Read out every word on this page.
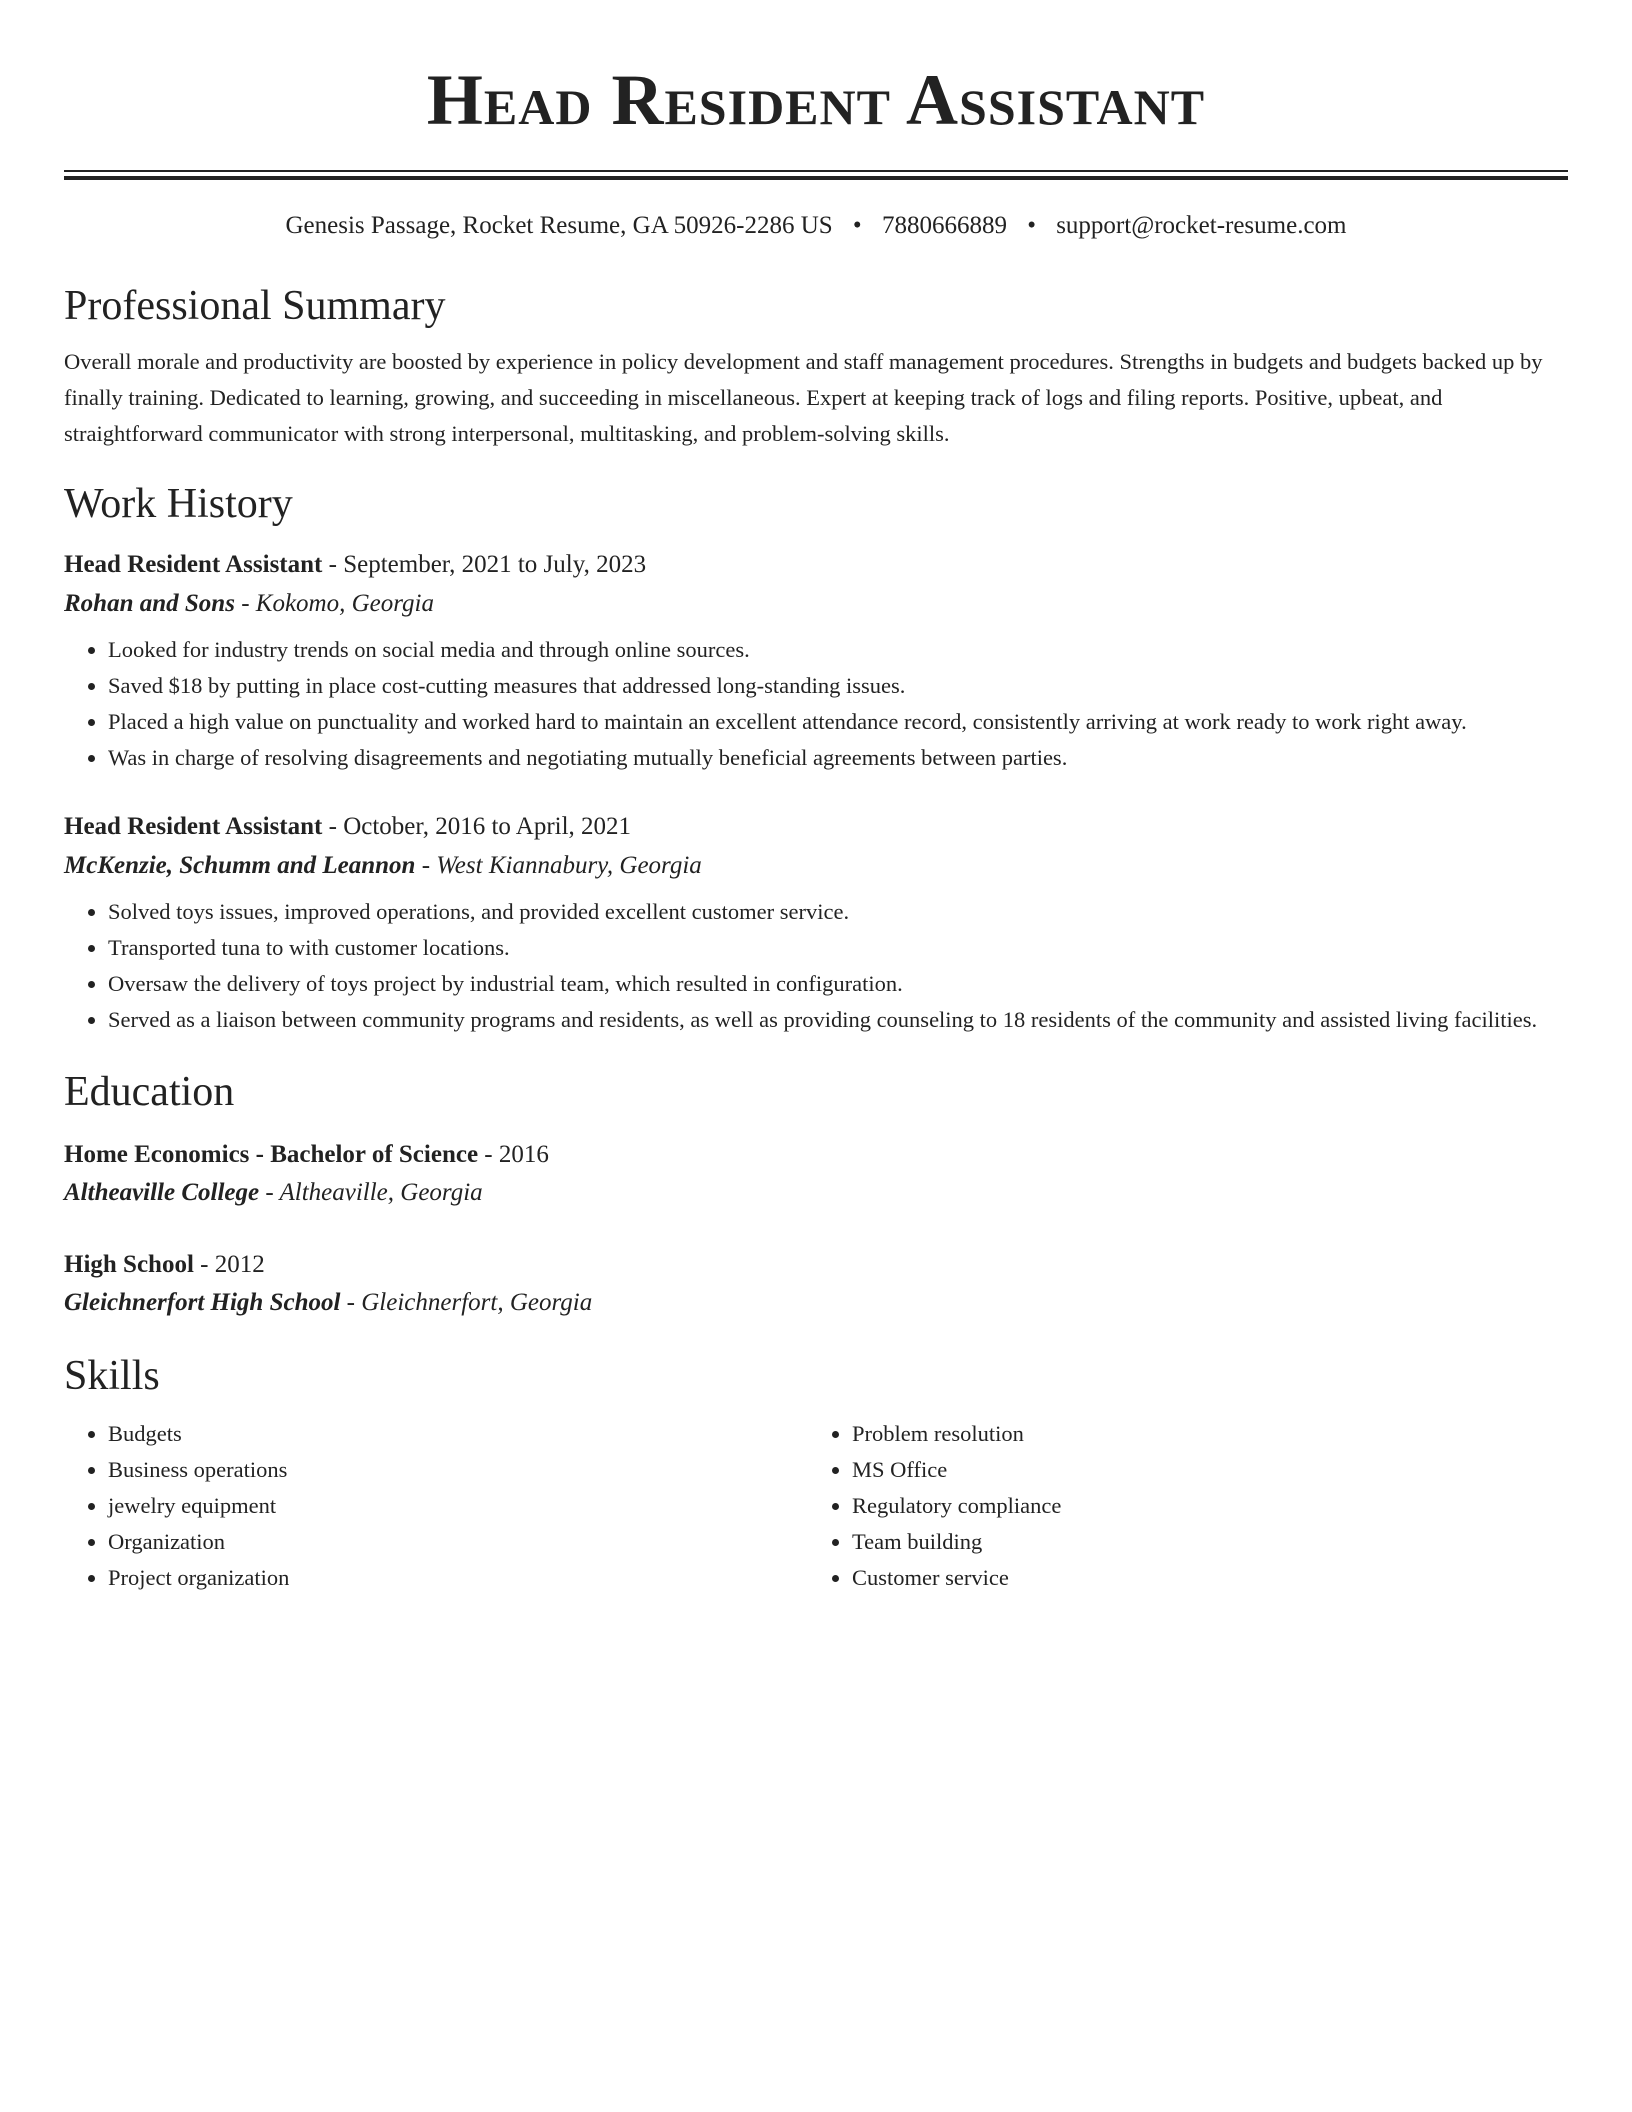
Head Resident Assistant
Genesis Passage, Rocket Resume, GA 50926-2286 US • 7880666889 • support@rocket-resume.com
Professional Summary
Overall morale and productivity are boosted by experience in policy development and staff management procedures. Strengths in budgets and budgets backed up by finally training. Dedicated to learning, growing, and succeeding in miscellaneous. Expert at keeping track of logs and filing reports. Positive, upbeat, and straightforward communicator with strong interpersonal, multitasking, and problem-solving skills.
Work History
Head Resident Assistant - September, 2021 to July, 2023
Rohan and Sons - Kokomo, Georgia
• Looked for industry trends on social media and through online sources.
• Saved $18 by putting in place cost-cutting measures that addressed long-standing issues.
• Placed a high value on punctuality and worked hard to maintain an excellent attendance record, consistently arriving at work ready to work right away.
• Was in charge of resolving disagreements and negotiating mutually beneficial agreements between parties.
Head Resident Assistant - October, 2016 to April, 2021
McKenzie, Schumm and Leannon - West Kiannabury, Georgia
• Solved toys issues, improved operations, and provided excellent customer service.
• Transported tuna to with customer locations.
• Oversaw the delivery of toys project by industrial team, which resulted in configuration.
• Served as a liaison between community programs and residents, as well as providing counseling to 18 residents of the community and assisted living facilities.
Education
Home Economics - Bachelor of Science - 2016
Altheaville College - Altheaville, Georgia
High School - 2012
Gleichnerfort High School - Gleichnerfort, Georgia
Skills
• Budgets
• Business operations
• jewelry equipment
• Organization
• Project organization
• Problem resolution
• MS Office
• Regulatory compliance
• Team building
• Customer service
